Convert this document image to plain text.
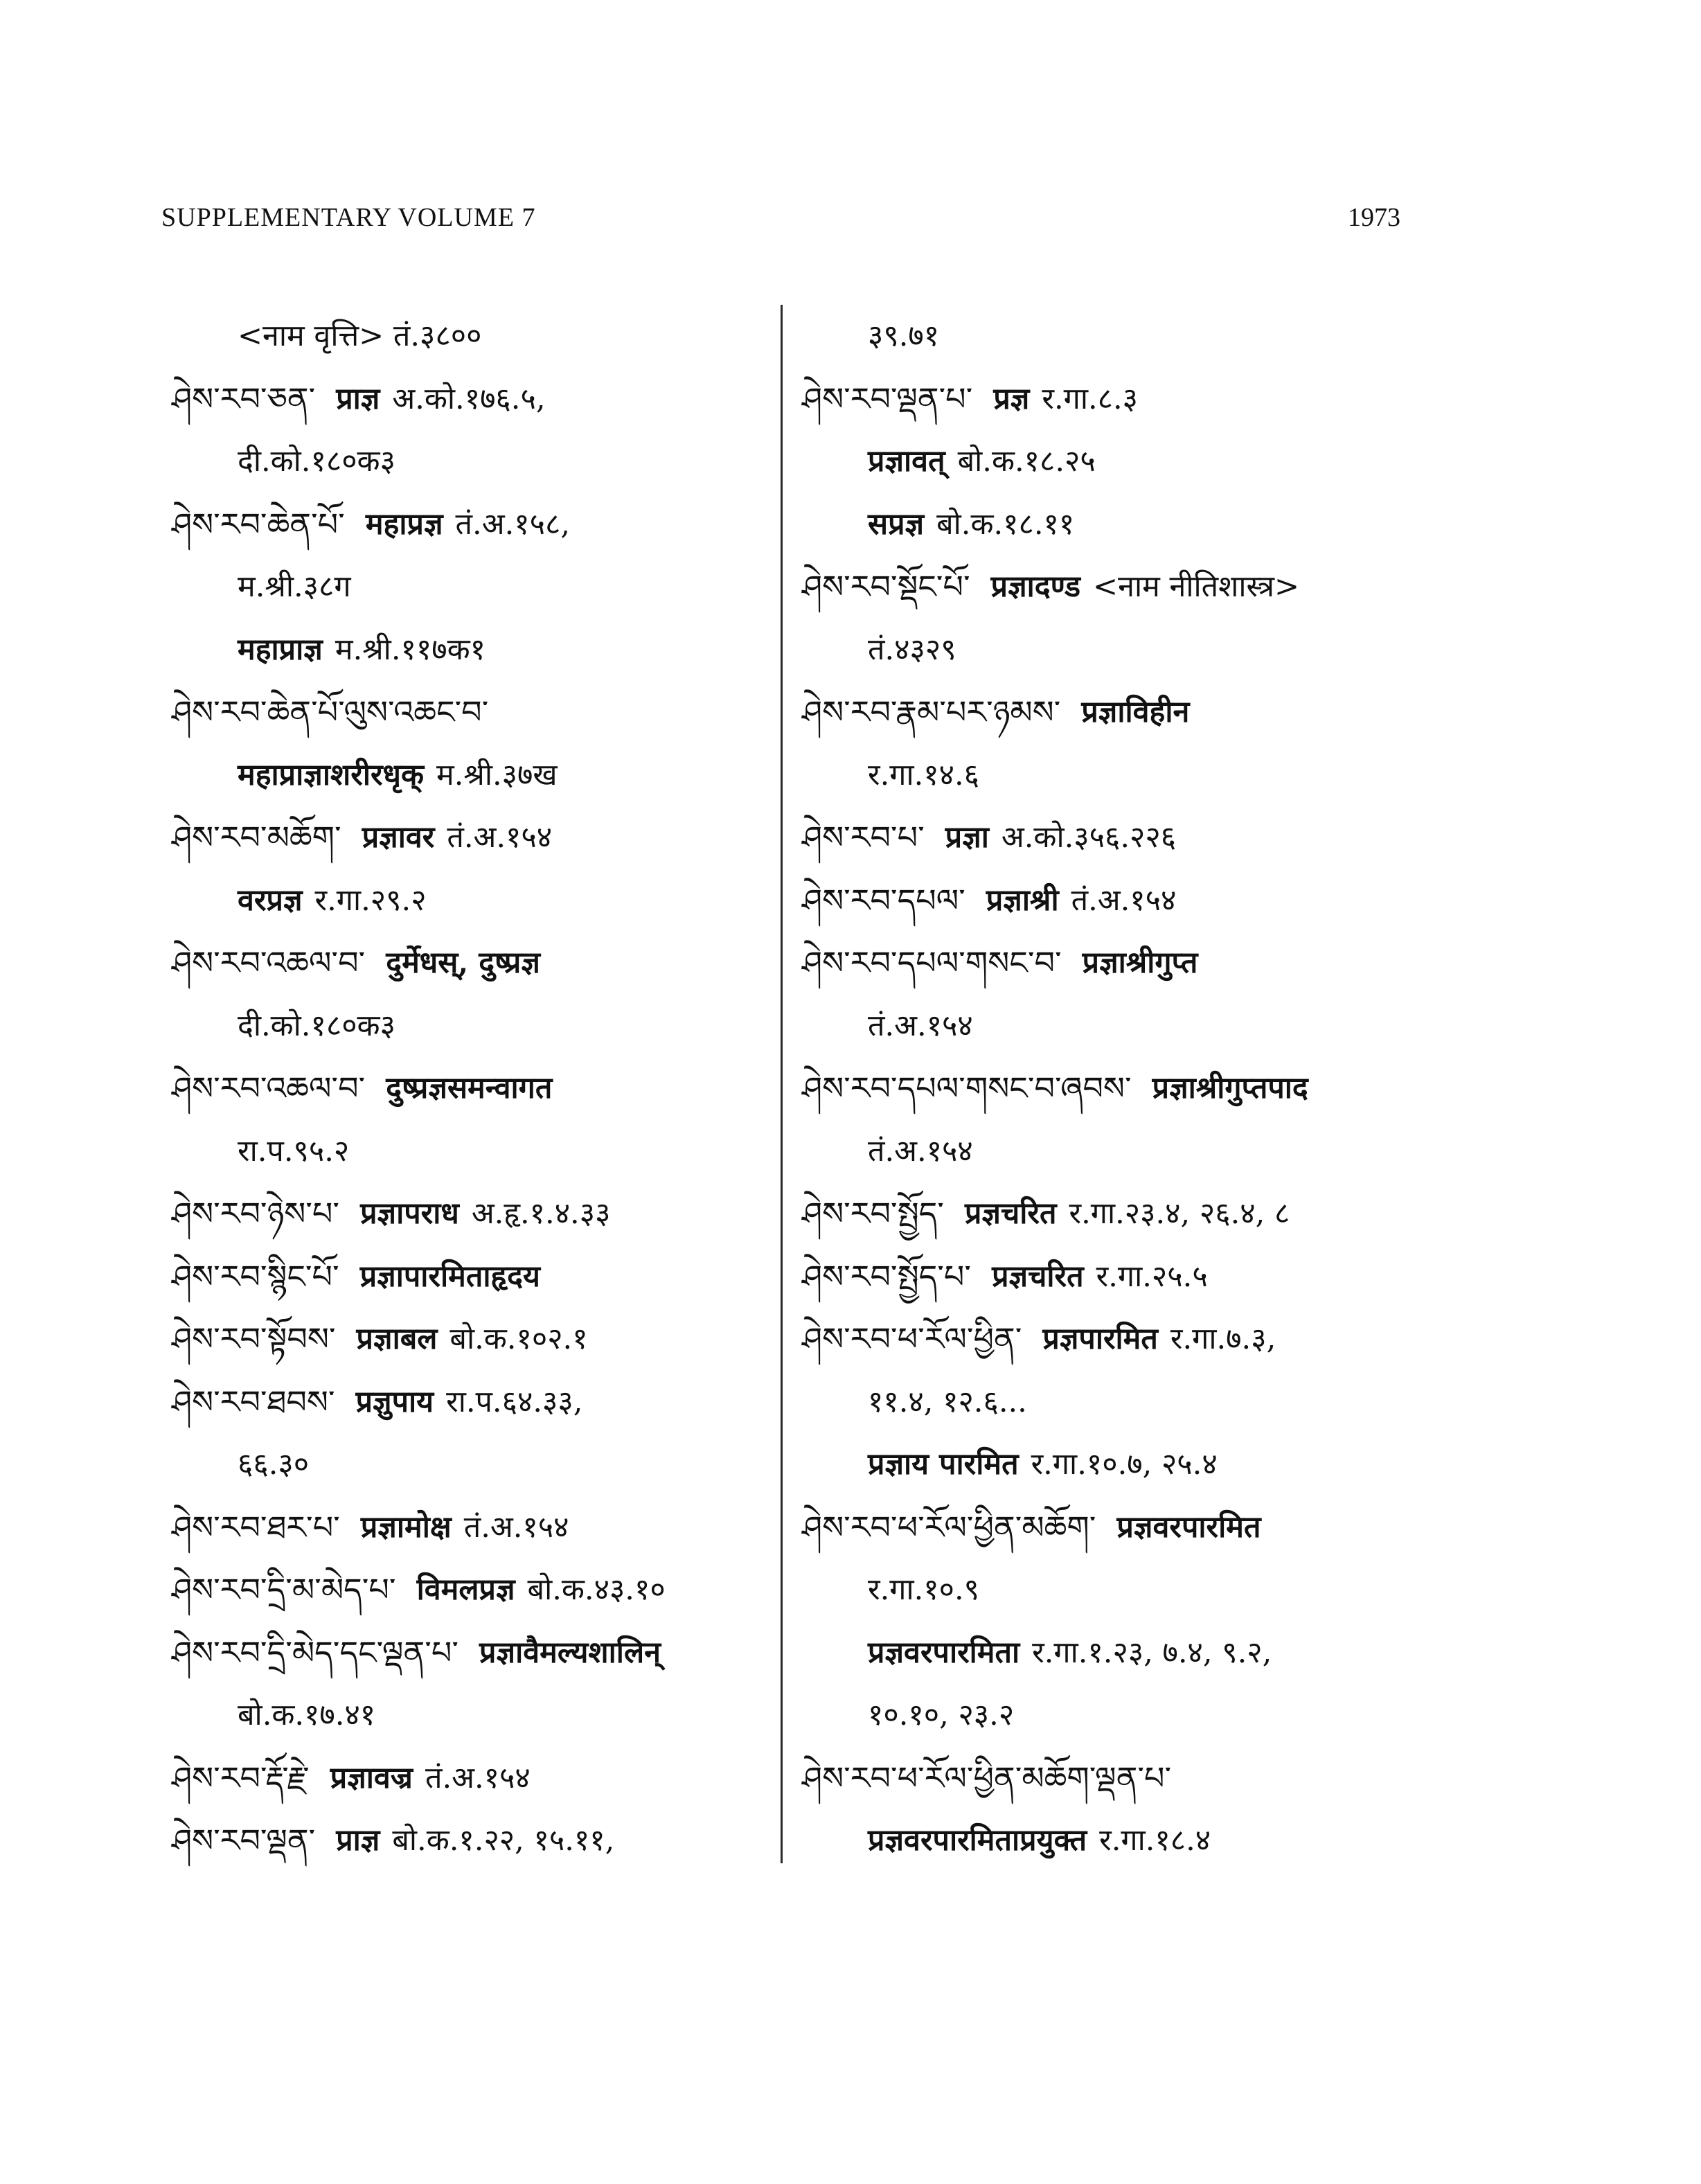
SUPPLEMENTARY VOLUME 7	1973
<नाम वृत्ति> तं.३८००
ཤེས་རབ་ཅན་ प्राज्ञ अ.को.१७६.५,
दी.को.१८०क३
ཤེས་རབ་ཆེན་པོ་ महाप्रज्ञ तं.अ.१५८,
म.श्री.३८ग
महाप्राज्ञ म.श्री.११७क१
ཤེས་རབ་ཆེན་པོ་ལུས་འཆང་བ་
महाप्राज्ञाशरीरधृक् म.श्री.३७ख
ཤེས་རབ་མཆོག་ प्रज्ञावर तं.अ.१५४
वरप्रज्ञ र.गा.२९.२
ཤེས་རབ་འཆལ་བ་ दुर्मेधस्, दुष्प्रज्ञ
दी.को.१८०क३
ཤེས་རབ་འཆལ་བ་ दुष्प्रज्ञसमन्वागत
रा.प.९५.२
ཤེས་རབ་ཉེས་པ་ प्रज्ञापराध अ.हृ.१.४.३३
ཤེས་རབ་སྙིང་པོ་ प्रज्ञापारमिताहृदय
ཤེས་རབ་སྟོབས་ प्रज्ञाबल बो.क.१०२.१
ཤེས་རབ་ཐབས་ प्रज्ञुपाय रा.प.६४.३३,
६६.३०
ཤེས་རབ་ཐར་པ་ प्रज्ञामोक्ष तं.अ.१५४
ཤེས་རབ་དྲི་མ་མེད་པ་ विमलप्रज्ञ बो.क.४३.१०
ཤེས་རབ་དྲི་མེད་དང་ལྡན་པ་ प्रज्ञावैमल्यशालिन्
बो.क.१७.४१
ཤེས་རབ་རྡོ་རྗེ་ प्रज्ञावज्र तं.अ.१५४
ཤེས་རབ་ལྡན་ प्राज्ञ बो.क.१.२२, १५.११,
३९.७१
ཤེས་རབ་ལྡན་པ་ प्रज्ञ र.गा.८.३
प्रज्ञावत् बो.क.१८.२५
सप्रज्ञ बो.क.१८.११
ཤེས་རབ་སྡོང་པོ་ प्रज्ञादण्ड <नाम नीतिशास्त्र>
तं.४३२९
ཤེས་རབ་རྣམ་པར་ཉམས་ प्रज्ञाविहीन
र.गा.१४.६
ཤེས་རབ་པ་ प्रज्ञा अ.को.३५६.२२६
ཤེས་རབ་དཔལ་ प्रज्ञाश्री तं.अ.१५४
ཤེས་རབ་དཔལ་གསང་བ་ प्रज्ञाश्रीगुप्त
तं.अ.१५४
ཤེས་རབ་དཔལ་གསང་བ་ཞབས་ प्रज्ञाश्रीगुप्तपाद
तं.अ.१५४
ཤེས་རབ་སྤྱོད་ प्रज्ञचरित र.गा.२३.४, २६.४, ८
ཤེས་རབ་སྤྱོད་པ་ प्रज्ञचरित र.गा.२५.५
ཤེས་རབ་ཕ་རོལ་ཕྱིན་ प्रज्ञपारमित र.गा.७.३,
११.४, १२.६...
प्रज्ञाय पारमित र.गा.१०.७, २५.४
ཤེས་རབ་ཕ་རོལ་ཕྱིན་མཆོག་ प्रज्ञवरपारमित
र.गा.१०.९
प्रज्ञवरपारमिता र.गा.१.२३, ७.४, ९.२,
१०.१०, २३.२
ཤེས་རབ་ཕ་རོལ་ཕྱིན་མཆོག་ལྡན་པ་
प्रज्ञवरपारमिताप्रयुक्त र.गा.१८.४
